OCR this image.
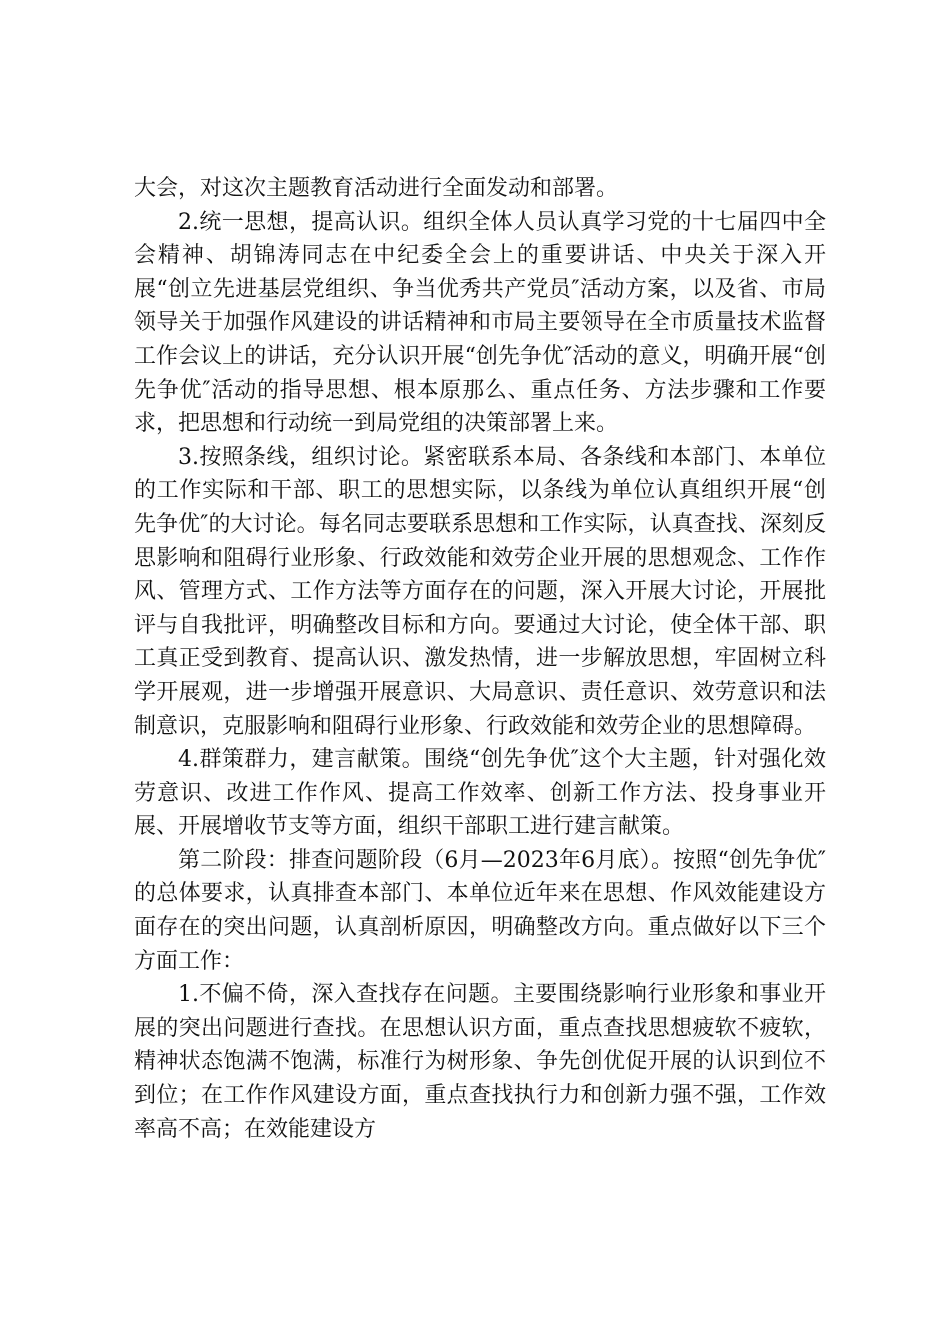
大会，对这次主题教育活动进行全面发动和部署。

2.统一思想，提高认识。组织全体人员认真学习党的十七届四中全会精神、胡锦涛同志在中纪委全会上的重要讲话、中央关于深入开展“创立先进基层党组织、争当优秀共产党员″活动方案，以及省、市局领导关于加强作风建设的讲话精神和市局主要领导在全市质量技术监督工作会议上的讲话，充分认识开展“创先争优″活动的意义，明确开展“创先争优″活动的指导思想、根本原那么、重点任务、方法步骤和工作要求，把思想和行动统一到局党组的决策部署上来。

3.按照条线，组织讨论。紧密联系本局、各条线和本部门、本单位的工作实际和干部、职工的思想实际，以条线为单位认真组织开展“创先争优″的大讨论。每名同志要联系思想和工作实际，认真查找、深刻反思影响和阻碍行业形象、行政效能和效劳企业开展的思想观念、工作作风、管理方式、工作方法等方面存在的问题，深入开展大讨论，开展批评与自我批评，明确整改目标和方向。要通过大讨论，使全体干部、职工真正受到教育、提高认识、激发热情，进一步解放思想，牢固树立科学开展观，进一步增强开展意识、大局意识、责任意识、效劳意识和法制意识，克服影响和阻碍行业形象、行政效能和效劳企业的思想障碍。

4.群策群力，建言献策。围绕“创先争优″这个大主题，针对强化效劳意识、改进工作作风、提高工作效率、创新工作方法、投身事业开展、开展增收节支等方面，组织干部职工进行建言献策。

第二阶段：排查问题阶段（6月—2023年6月底）。按照“创先争优″的总体要求，认真排查本部门、本单位近年来在思想、作风效能建设方面存在的突出问题，认真剖析原因，明确整改方向。重点做好以下三个方面工作：

1.不偏不倚，深入查找存在问题。主要围绕影响行业形象和事业开展的突出问题进行查找。在思想认识方面，重点查找思想疲软不疲软，精神状态饱满不饱满，标准行为树形象、争先创优促开展的认识到位不到位；在工作作风建设方面，重点查找执行力和创新力强不强，工作效率高不高；在效能建设方
